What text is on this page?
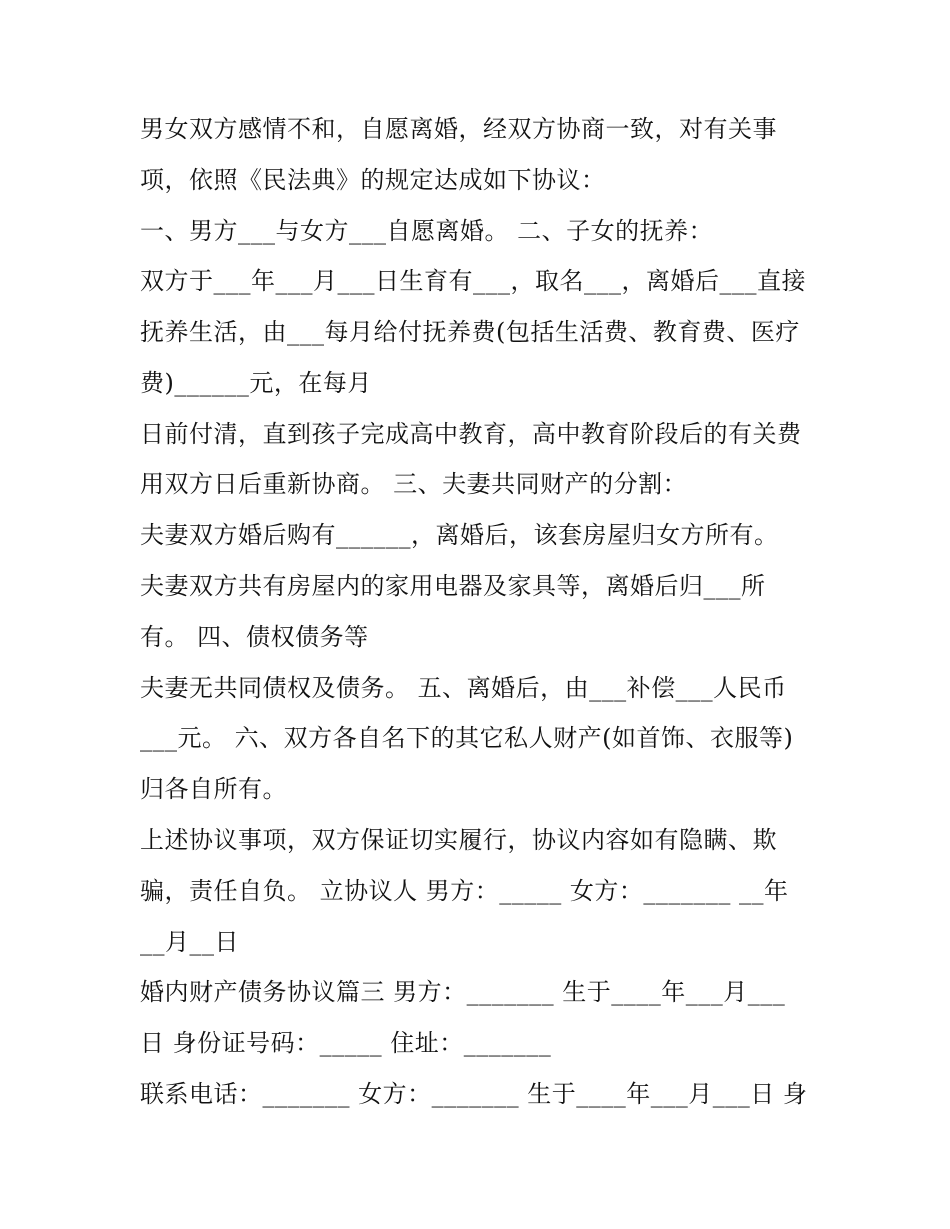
男女双方感情不和，自愿离婚，经双方协商一致，对有关事
项，依照《民法典》的规定达成如下协议：
一、男方___与女方___自愿离婚。 二、子女的抚养：
双方于___年___月___日生育有___，取名___，离婚后___直接
抚养生活，由___每月给付抚养费(包括生活费、教育费、医疗
费)______元，在每月
日前付清，直到孩子完成高中教育，高中教育阶段后的有关费
用双方日后重新协商。 三、夫妻共同财产的分割：
夫妻双方婚后购有______，离婚后，该套房屋归女方所有。
夫妻双方共有房屋内的家用电器及家具等，离婚后归___所
有。 四、债权债务等
夫妻无共同债权及债务。 五、离婚后，由___补偿___人民币
___元。 六、双方各自名下的其它私人财产(如首饰、衣服等)
归各自所有。
上述协议事项，双方保证切实履行，协议内容如有隐瞒、欺
骗，责任自负。 立协议人 男方：_____ 女方：_______ __年
__月__日
婚内财产债务协议篇三 男方：_______ 生于____年___月___
日 身份证号码：_____ 住址：_______
联系电话：_______ 女方：_______ 生于____年___月___日 身
